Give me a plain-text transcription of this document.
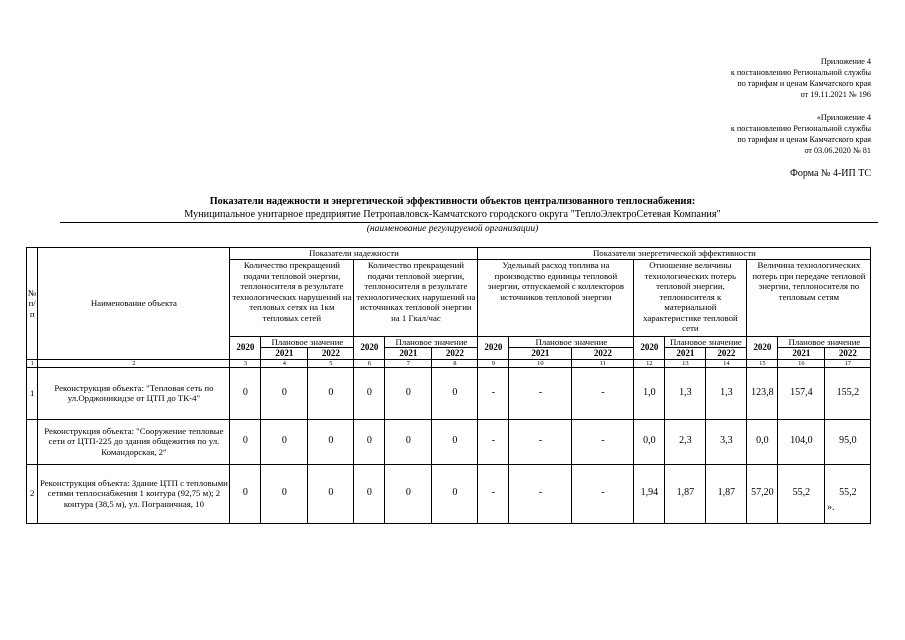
Приложение 4
к постановлению Региональной службы
по тарифам и ценам Камчатского края
от 19.11.2021 № 196
«Приложение 4
к постановлению Региональной службы
по тарифам и ценам Камчатского края
от 03.06.2020 № 81
Форма № 4-ИП ТС
Показатели надежности и энергетической эффективности объектов централизованного теплоснабжения:
Муниципальное унитарное предприятие Петропавловск-Камчатского городского округа "ТеплоЭлектроСетевая Компания"
(наименование регулируемой организации)
№ п/п	Наименование объекта	Показатели надежности						Показатели энергетической эффективности								

		Количество прекращений подачи тепловой энергии, теплоносителя в результате технологических нарушений на тепловых сетях на 1км тепловых сетей			Количество прекращений подачи тепловой энергии, теплоносителя в результате технологических нарушений на источниках тепловой энергии на 1 Гкал/час			Удельный расход топлива на производство единицы тепловой энергии, отпускаемой с коллекторов источников тепловой энергии			Отношение величины технологических потерь тепловой энергии, теплоносителя к материальной характеристике тепловой сети			Величина технологических потерь при передаче тепловой энергии, теплоносителя по тепловым сетям		

		2020	Плановое значение		2020	Плановое значение		2020	Плановое значение		2020	Плановое значение		2020	Плановое значение	
			2021	2022		2021	2022		2021	2022		2021	2022		2021	2022
1	2	3	4	5	6	7	8	9	10	11	12	13	14	15	16	17
1	Реконструкция объекта: "Тепловая сеть по ул.Орджоникидзе от ЦТП до ТК-4"	0	0	0	0	0	0	-	-	-	1,0	1,3	1,3	123,8	157,4	155,2
	Реконструкция объекта: "Сооружение тепловые сети от ЦТП-225 до здания общежития по ул. Командорская, 2"	0	0	0	0	0	0	-	-	-	0,0	2,3	3,3	0,0	104,0	95,0
2	Реконструкция объекта: Здание ЦТП с тепловыми сетями теплоснабжения 1 контура (92,75 м); 2 контура (38,5 м), ул. Пограничная, 10	0	0	0	0	0	0	-	-	-	1,94	1,87	1,87	57,20	55,2	55,2
».
